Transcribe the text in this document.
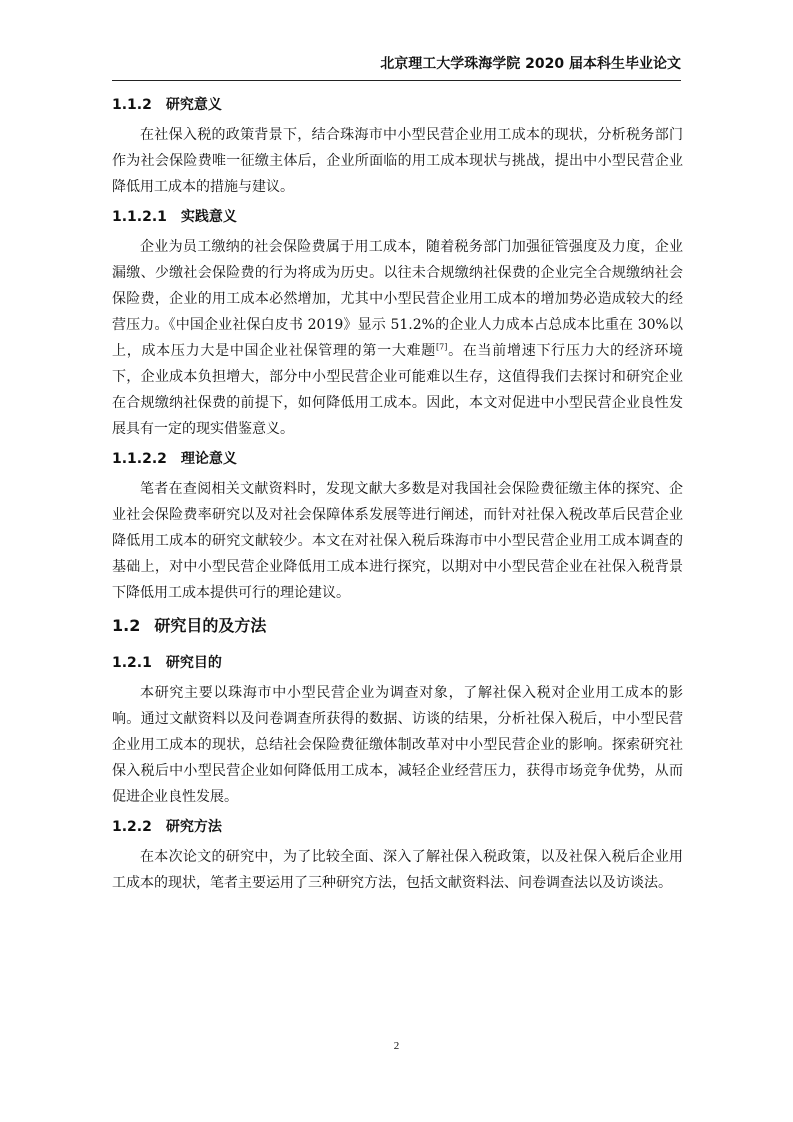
北京理工大学珠海学院 2020 届本科生毕业论文
1.1.2 研究意义

在社保入税的政策背景下，结合珠海市中小型民营企业用工成本的现状，分析税务部门作为社会保险费唯一征缴主体后，企业所面临的用工成本现状与挑战，提出中小型民营企业降低用工成本的措施与建议。

1.1.2.1 实践意义

企业为员工缴纳的社会保险费属于用工成本，随着税务部门加强征管强度及力度，企业漏缴、少缴社会保险费的行为将成为历史。以往未合规缴纳社保费的企业完全合规缴纳社会保险费，企业的用工成本必然增加，尤其中小型民营企业用工成本的增加势必造成较大的经营压力。《中国企业社保白皮书 2019》显示 51.2%的企业人力成本占总成本比重在 30%以上，成本压力大是中国企业社保管理的第一大难题[7]。在当前增速下行压力大的经济环境下，企业成本负担增大，部分中小型民营企业可能难以生存，这值得我们去探讨和研究企业在合规缴纳社保费的前提下，如何降低用工成本。因此，本文对促进中小型民营企业良性发展具有一定的现实借鉴意义。

1.1.2.2 理论意义

笔者在查阅相关文献资料时，发现文献大多数是对我国社会保险费征缴主体的探究、企业社会保险费率研究以及对社会保障体系发展等进行阐述，而针对社保入税改革后民营企业降低用工成本的研究文献较少。本文在对社保入税后珠海市中小型民营企业用工成本调查的基础上，对中小型民营企业降低用工成本进行探究，以期对中小型民营企业在社保入税背景下降低用工成本提供可行的理论建议。

1.2 研究目的及方法
1.2.1 研究目的

本研究主要以珠海市中小型民营企业为调查对象，了解社保入税对企业用工成本的影响。通过文献资料以及问卷调查所获得的数据、访谈的结果，分析社保入税后，中小型民营企业用工成本的现状，总结社会保险费征缴体制改革对中小型民营企业的影响。探索研究社保入税后中小型民营企业如何降低用工成本，减轻企业经营压力，获得市场竞争优势，从而促进企业良性发展。

1.2.2 研究方法

在本次论文的研究中，为了比较全面、深入了解社保入税政策，以及社保入税后企业用工成本的现状，笔者主要运用了三种研究方法，包括文献资料法、问卷调查法以及访谈法。

2
